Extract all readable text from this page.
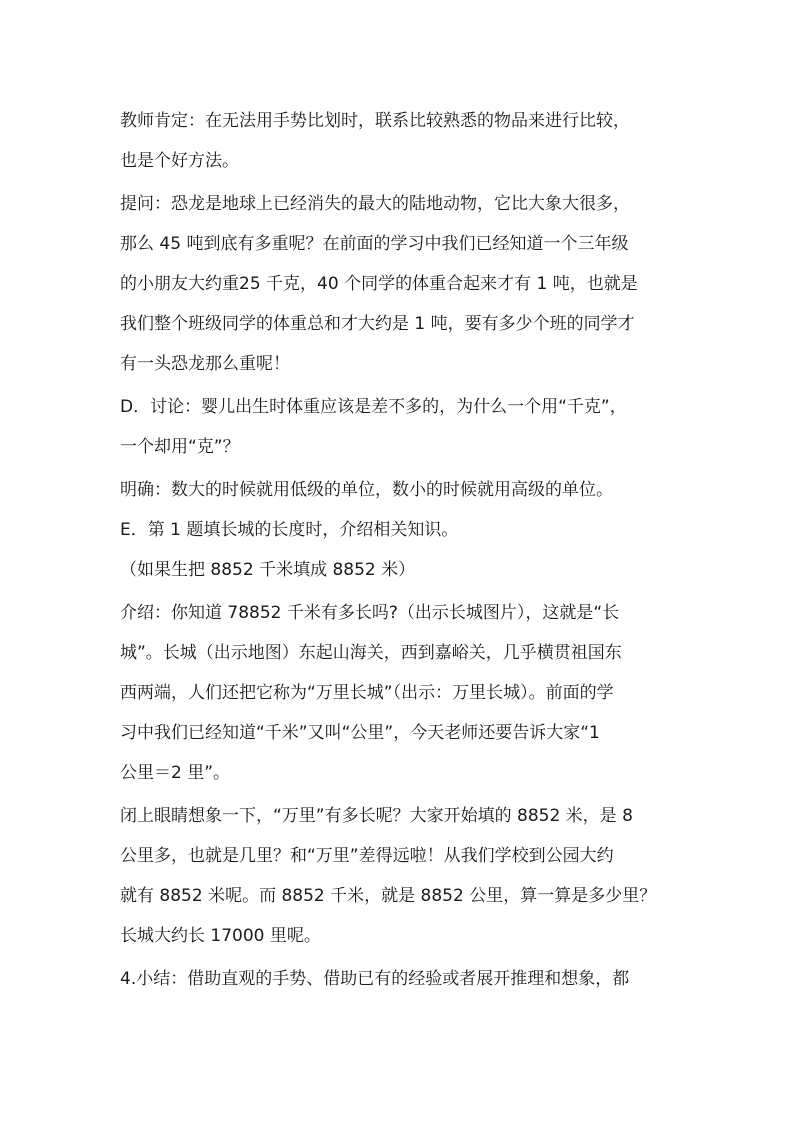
教师肯定：在无法用手势比划时，联系比较熟悉的物品来进行比较，
也是个好方法。
提问：恐龙是地球上已经消失的最大的陆地动物，它比大象大很多，
那么 45 吨到底有多重呢？在前面的学习中我们已经知道一个三年级
的小朋友大约重25 千克，40 个同学的体重合起来才有 1 吨，也就是
我们整个班级同学的体重总和才大约是 1 吨，要有多少个班的同学才
有一头恐龙那么重呢！
D．讨论：婴儿出生时体重应该是差不多的，为什么一个用“千克”，
一个却用“克”？
明确：数大的时候就用低级的单位，数小的时候就用高级的单位。
E．第 1 题填长城的长度时，介绍相关知识。
（如果生把 8852 千米填成 8852 米）
介绍：你知道 78852 千米有多长吗?（出示长城图片），这就是“长
城”。长城（出示地图）东起山海关，西到嘉峪关，几乎横贯祖国东
西两端，人们还把它称为“万里长城”（出示：万里长城）。前面的学
习中我们已经知道“千米”又叫“公里”，今天老师还要告诉大家“1
公里＝2 里”。
闭上眼睛想象一下，“万里”有多长呢？大家开始填的 8852 米，是 8
公里多，也就是几里？和“万里”差得远啦！从我们学校到公园大约
就有 8852 米呢。而 8852 千米，就是 8852 公里，算一算是多少里？
长城大约长 17000 里呢。
4.小结：借助直观的手势、借助已有的经验或者展开推理和想象，都
